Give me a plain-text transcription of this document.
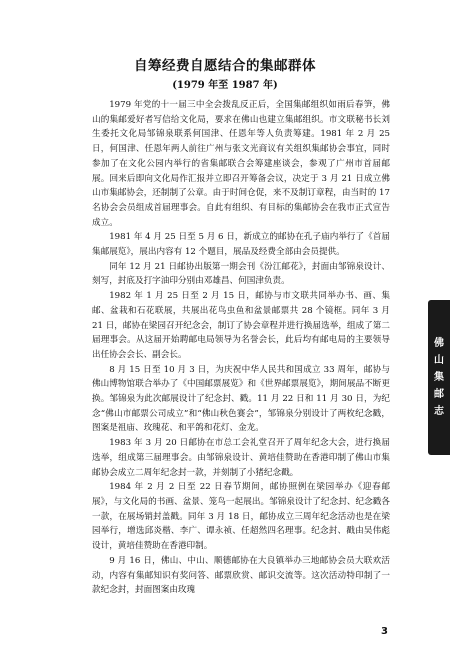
自筹经费自愿结合的集邮群体
(1979 年至 1987 年)

1979 年党的十一届三中全会拨乱反正后，全国集邮组织如雨后春笋，佛山的集邮爱好者写信给文化局，要求在佛山也建立集邮组织。市文联秘书长刘生委托文化局邹锦泉联系何国津、任恩年等人负责筹建。1981 年 2 月 25 日，何国津、任恩年两人前往广州与张文光商议有关组织集邮协会事宜，同时参加了在文化公园内举行的省集邮联合会筹建座谈会，参观了广州市首届邮展。回来后即向文化局作汇报并立即召开筹备会议，决定于 3 月 21 日成立佛山市集邮协会，还制制了公章。由于时间仓促，来不及制订章程，由当时的 17 名协会会员组成首届理事会。自此有组织、有目标的集邮协会在我市正式宣告成立。

1981 年 4 月 25 日至 5 月 6 日，新成立的邮协在孔子庙内举行了《首届集邮展览》，展出内容有 12 个题目，展品及经费全部由会员提供。

同年 12 月 21 日邮协出版第一期会刊《汾江邮花》，封面由邹锦泉设计、刻写，封底及打字油印分别由邓雄昌、何国津负责。

1982 年 1 月 25 日至 2 月 15 日，邮协与市文联共同举办书、画、集邮、盆栽和石花联展，共展出花鸟虫鱼和盆景邮票共 28 个镜框。同年 3 月 21 日，邮协在梁园召开纪念会，制订了协会章程并进行换届选举，组成了第二届理事会。从这届开始聘邮电局领导为名誉会长，此后均有邮电局的主要领导出任协会会长、副会长。

8 月 15 日至 10 月 3 日，为庆祝中华人民共和国成立 33 周年，邮协与佛山博物馆联合举办了《中国邮票展览》和《世界邮票展览》，期间展品不断更换。邹锦泉为此次邮展设计了纪念封、戳。11 月 22 日和 11 月 30 日，为纪念“佛山市邮票公司成立”和“佛山秋色赛会”，邹锦泉分别设计了两枚纪念戳，图案是祖庙、玫瑰花、和平鸽和花灯、金龙。

1983 年 3 月 20 日邮协在市总工会礼堂召开了周年纪念大会，进行换届选举，组成第三届理事会。由邹锦泉设计、黄培佳赞助在香港印制了佛山市集邮协会成立二周年纪念封一款，并刻制了小猪纪念戳。

1984 年 2 月 2 日至 22 日春节期间，邮协照例在梁园举办《迎春邮展》，与文化局的书画、盆景、笼鸟一起展出。邹锦泉设计了纪念封、纪念戳各一款，在展场销封盖戳。同年 3 月 18 日，邮协成立三周年纪念活动也是在梁园举行，增选邱炎楷、李广、谭永祯、任超然四名理事。纪念封、戳由吴伟彪设计，黄培佳赞助在香港印制。

9 月 16 日，佛山、中山、顺德邮协在大良镇举办三地邮协会员大联欢活动，内容有集邮知识有奖问答、邮票欣赏、邮识交流等。这次活动特印制了一款纪念封，封面图案由玫瑰

佛
山
集
邮
志
3
